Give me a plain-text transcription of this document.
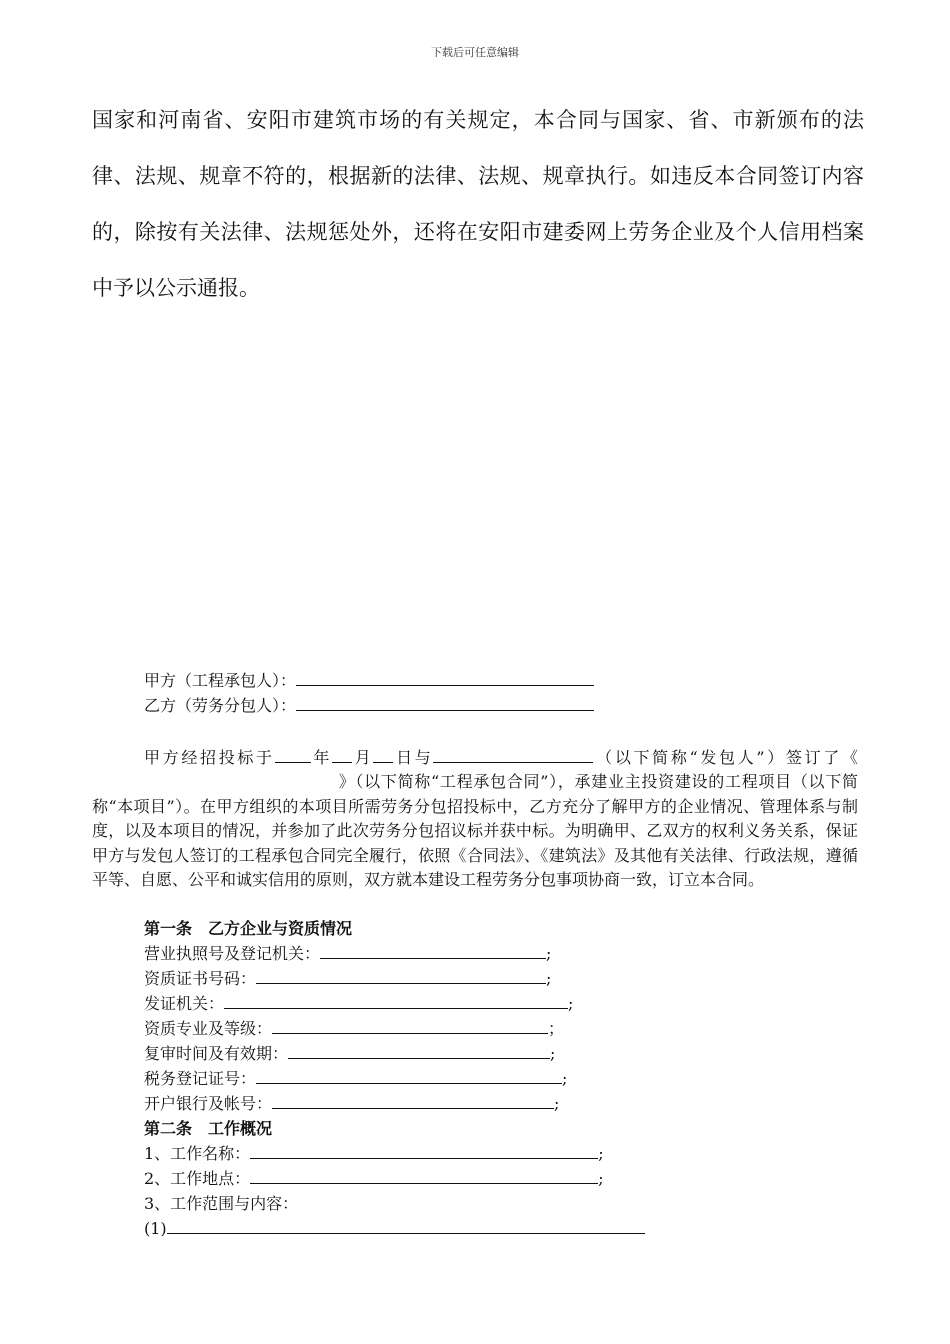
下载后可任意编辑
国家和河南省、安阳市建筑市场的有关规定，本合同与国家、省、市新颁布的法律、法规、规章不符的，根据新的法律、法规、规章执行。如违反本合同签订内容的，除按有关法律、法规惩处外，还将在安阳市建委网上劳务企业及个人信用档案中予以公示通报。
甲方（工程承包人）：
乙方（劳务分包人）：
甲方经招投标于 年 月 日与	（以下简称“发包人”）签订了《》（以下简称“工程承包合同”），承建业主投资建设的工程项目（以下简称“本项目”）。在甲方组织的本项目所需劳务分包招投标中，乙方充分了解甲方的企业情况、管理体系与制度，以及本项目的情况，并参加了此次劳务分包招议标并获中标。为明确甲、乙双方的权利义务关系，保证甲方与发包人签订的工程承包合同完全履行，依照《合同法》、《建筑法》及其他有关法律、行政法规，遵循平等、自愿、公平和诚实信用的原则，双方就本建设工程劳务分包事项协商一致，订立本合同。
第一条　乙方企业与资质情况
营业执照号及登记机关：	;
资质证书号码：	;
发证机关：	;
资质专业及等级：	；
复审时间及有效期：	;
税务登记证号：	;
开户银行及帐号：	;
第二条　工作概况
1、工作名称：	;
2、工作地点：	;
3、工作范围与内容：
(1)
